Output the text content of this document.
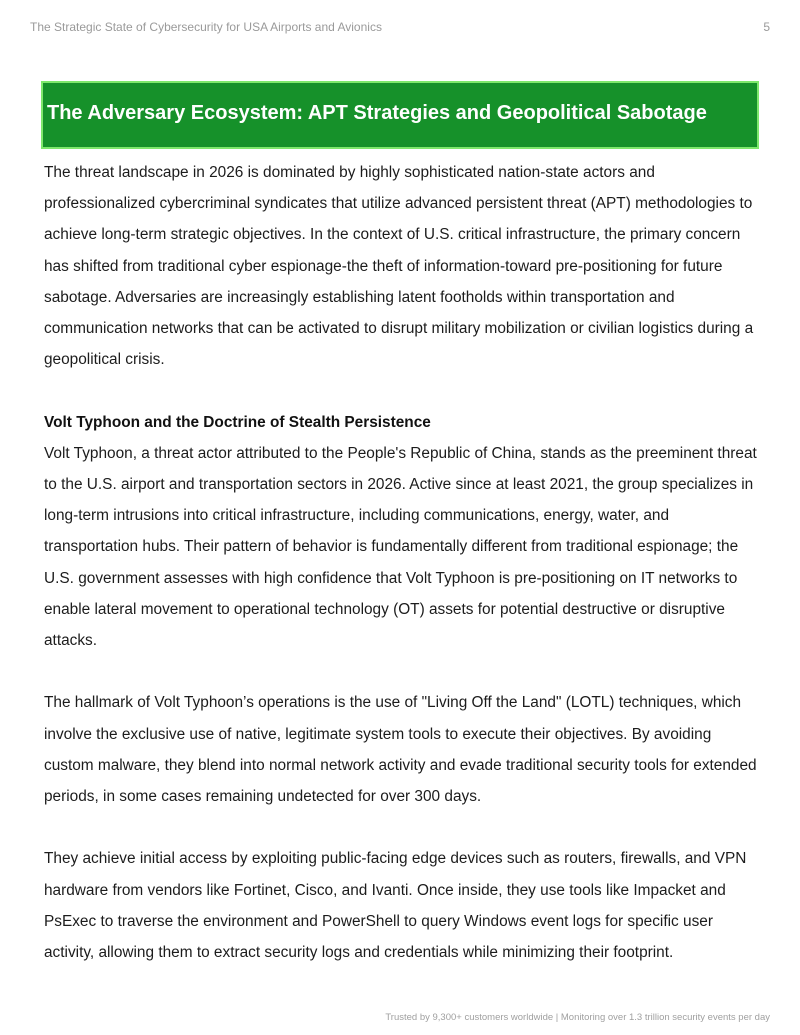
The Strategic State of Cybersecurity for USA Airports and Avionics	5
The Adversary Ecosystem: APT Strategies and Geopolitical Sabotage

The threat landscape in 2026 is dominated by highly sophisticated nation-state actors and professionalized cybercriminal syndicates that utilize advanced persistent threat (APT) methodologies to achieve long-term strategic objectives. In the context of U.S. critical infrastructure, the primary concern has shifted from traditional cyber espionage-the theft of information-toward pre-positioning for future sabotage. Adversaries are increasingly establishing latent footholds within transportation and communication networks that can be activated to disrupt military mobilization or civilian logistics during a geopolitical crisis.

Volt Typhoon and the Doctrine of Stealth Persistence

Volt Typhoon, a threat actor attributed to the People's Republic of China, stands as the preeminent threat to the U.S. airport and transportation sectors in 2026. Active since at least 2021, the group specializes in long-term intrusions into critical infrastructure, including communications, energy, water, and transportation hubs. Their pattern of behavior is fundamentally different from traditional espionage; the U.S. government assesses with high confidence that Volt Typhoon is pre-positioning on IT networks to enable lateral movement to operational technology (OT) assets for potential destructive or disruptive attacks.

The hallmark of Volt Typhoon’s operations is the use of "Living Off the Land" (LOTL) techniques, which involve the exclusive use of native, legitimate system tools to execute their objectives. By avoiding custom malware, they blend into normal network activity and evade traditional security tools for extended periods, in some cases remaining undetected for over 300 days.

They achieve initial access by exploiting public-facing edge devices such as routers, firewalls, and VPN hardware from vendors like Fortinet, Cisco, and Ivanti. Once inside, they use tools like Impacket and PsExec to traverse the environment and PowerShell to query Windows event logs for specific user activity, allowing them to extract security logs and credentials while minimizing their footprint.

Trusted by 9,300+ customers worldwide | Monitoring over 1.3 trillion security events per day
